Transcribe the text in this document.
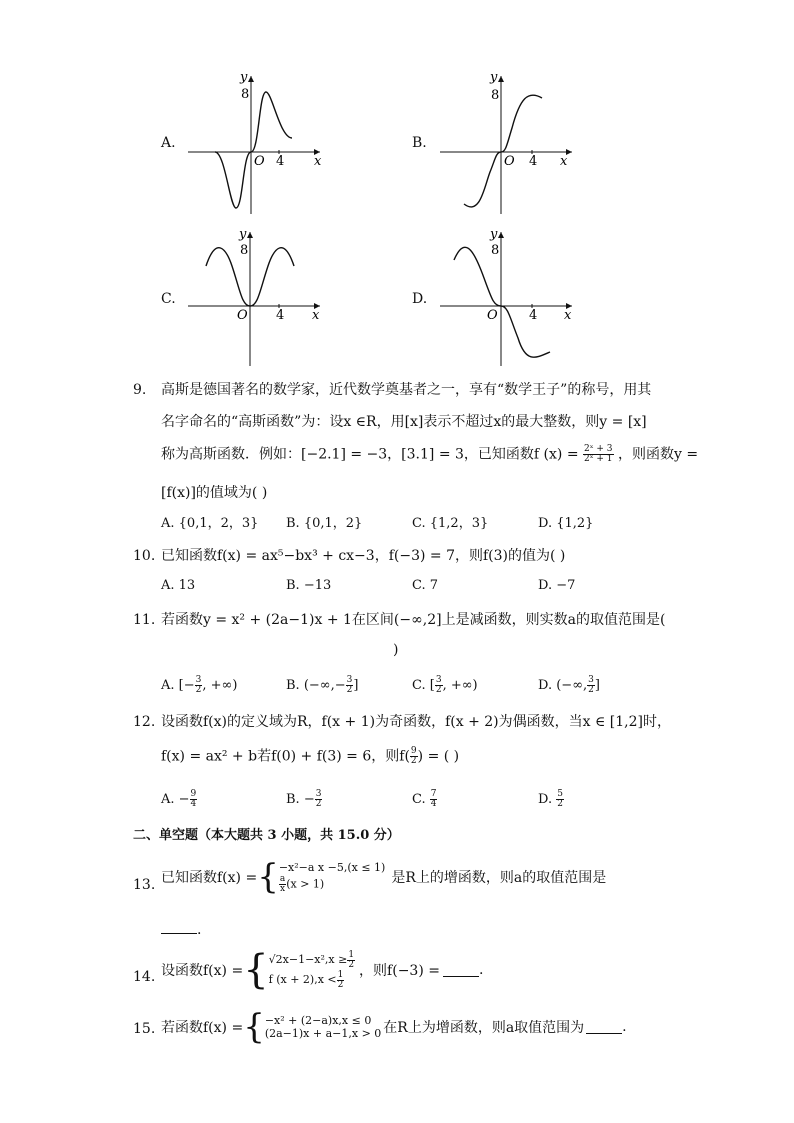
A.
y
8
O 4 x
B.
y
8
O 4 x
C.
y
8
O 4 x
D.
y
8
O 4 x
9. 高斯是德国著名的数学家，近代数学奠基者之一，享有“数学王子”的称号，用其
名字命名的“高斯函数”为：设x ∈R，用[x]表示不超过x的最大整数，则y = [x]
称为高斯函数．例如：[−2.1] = −3，[3.1] = 3，已知函数f $(x) = \frac{\text{2ˣ + 3}}{\text{2ˣ + 1}}$ ，则函数y =
[f(x)]的值域为( )
A. {0,1，2，3} B. {0,1，2}	C. {1,2，3}	D. {1,2}
10. 已知函数f(x) = ax⁵−bx³ + cx−3，f(−3) = 7，则f(3)的值为( )
A. 13	B. −13	C. 7	D. −7
11. 若函数y = x² + (2a−1)x + 1在区间(−∞,2]上是减函数，则实数a的取值范围是(
)
A. [− $\frac{3}{2}$ , +∞)	B. (−∞,− $\frac{3}{2}$ ]	C. [ $\frac{3}{2}$ , +∞)	D. (−∞, $\frac{3}{2}$ ]
12. 设函数f(x)的定义域为R，f(x + 1)为奇函数，f(x + 2)为偶函数，当x ∈ [1,2]时，
f(x) = ax² + b若f(0) + f(3) = 6，则$f( \frac{9}{2}$ ) = ( )
A. − $\frac{9}{4}$	B. − $\frac{3}{2}$	C. $\frac{7}{4}$	D. $\frac{5}{2}$
二、单空题（本大题共 3 小题，共 15.0 分）
13. 已知函数f(x) = { −x²−a x −5,(x ≤ 1)
$\frac{a}{x} (x > 1)$	是R上的增函数，则a的取值范围是
.
14. 设函数f(x) = { $√2x-1-x^2,x \ge \frac{1}{2}$
f $(x + 2),x < \frac{1}{2}$ ，则f(−3) =	.
15. 若函数f(x) = { −x² + (2−a)x,x ≤ 0
(2a−1)x + a−1,x > 0 在R上为增函数，则a取值范围为	.
